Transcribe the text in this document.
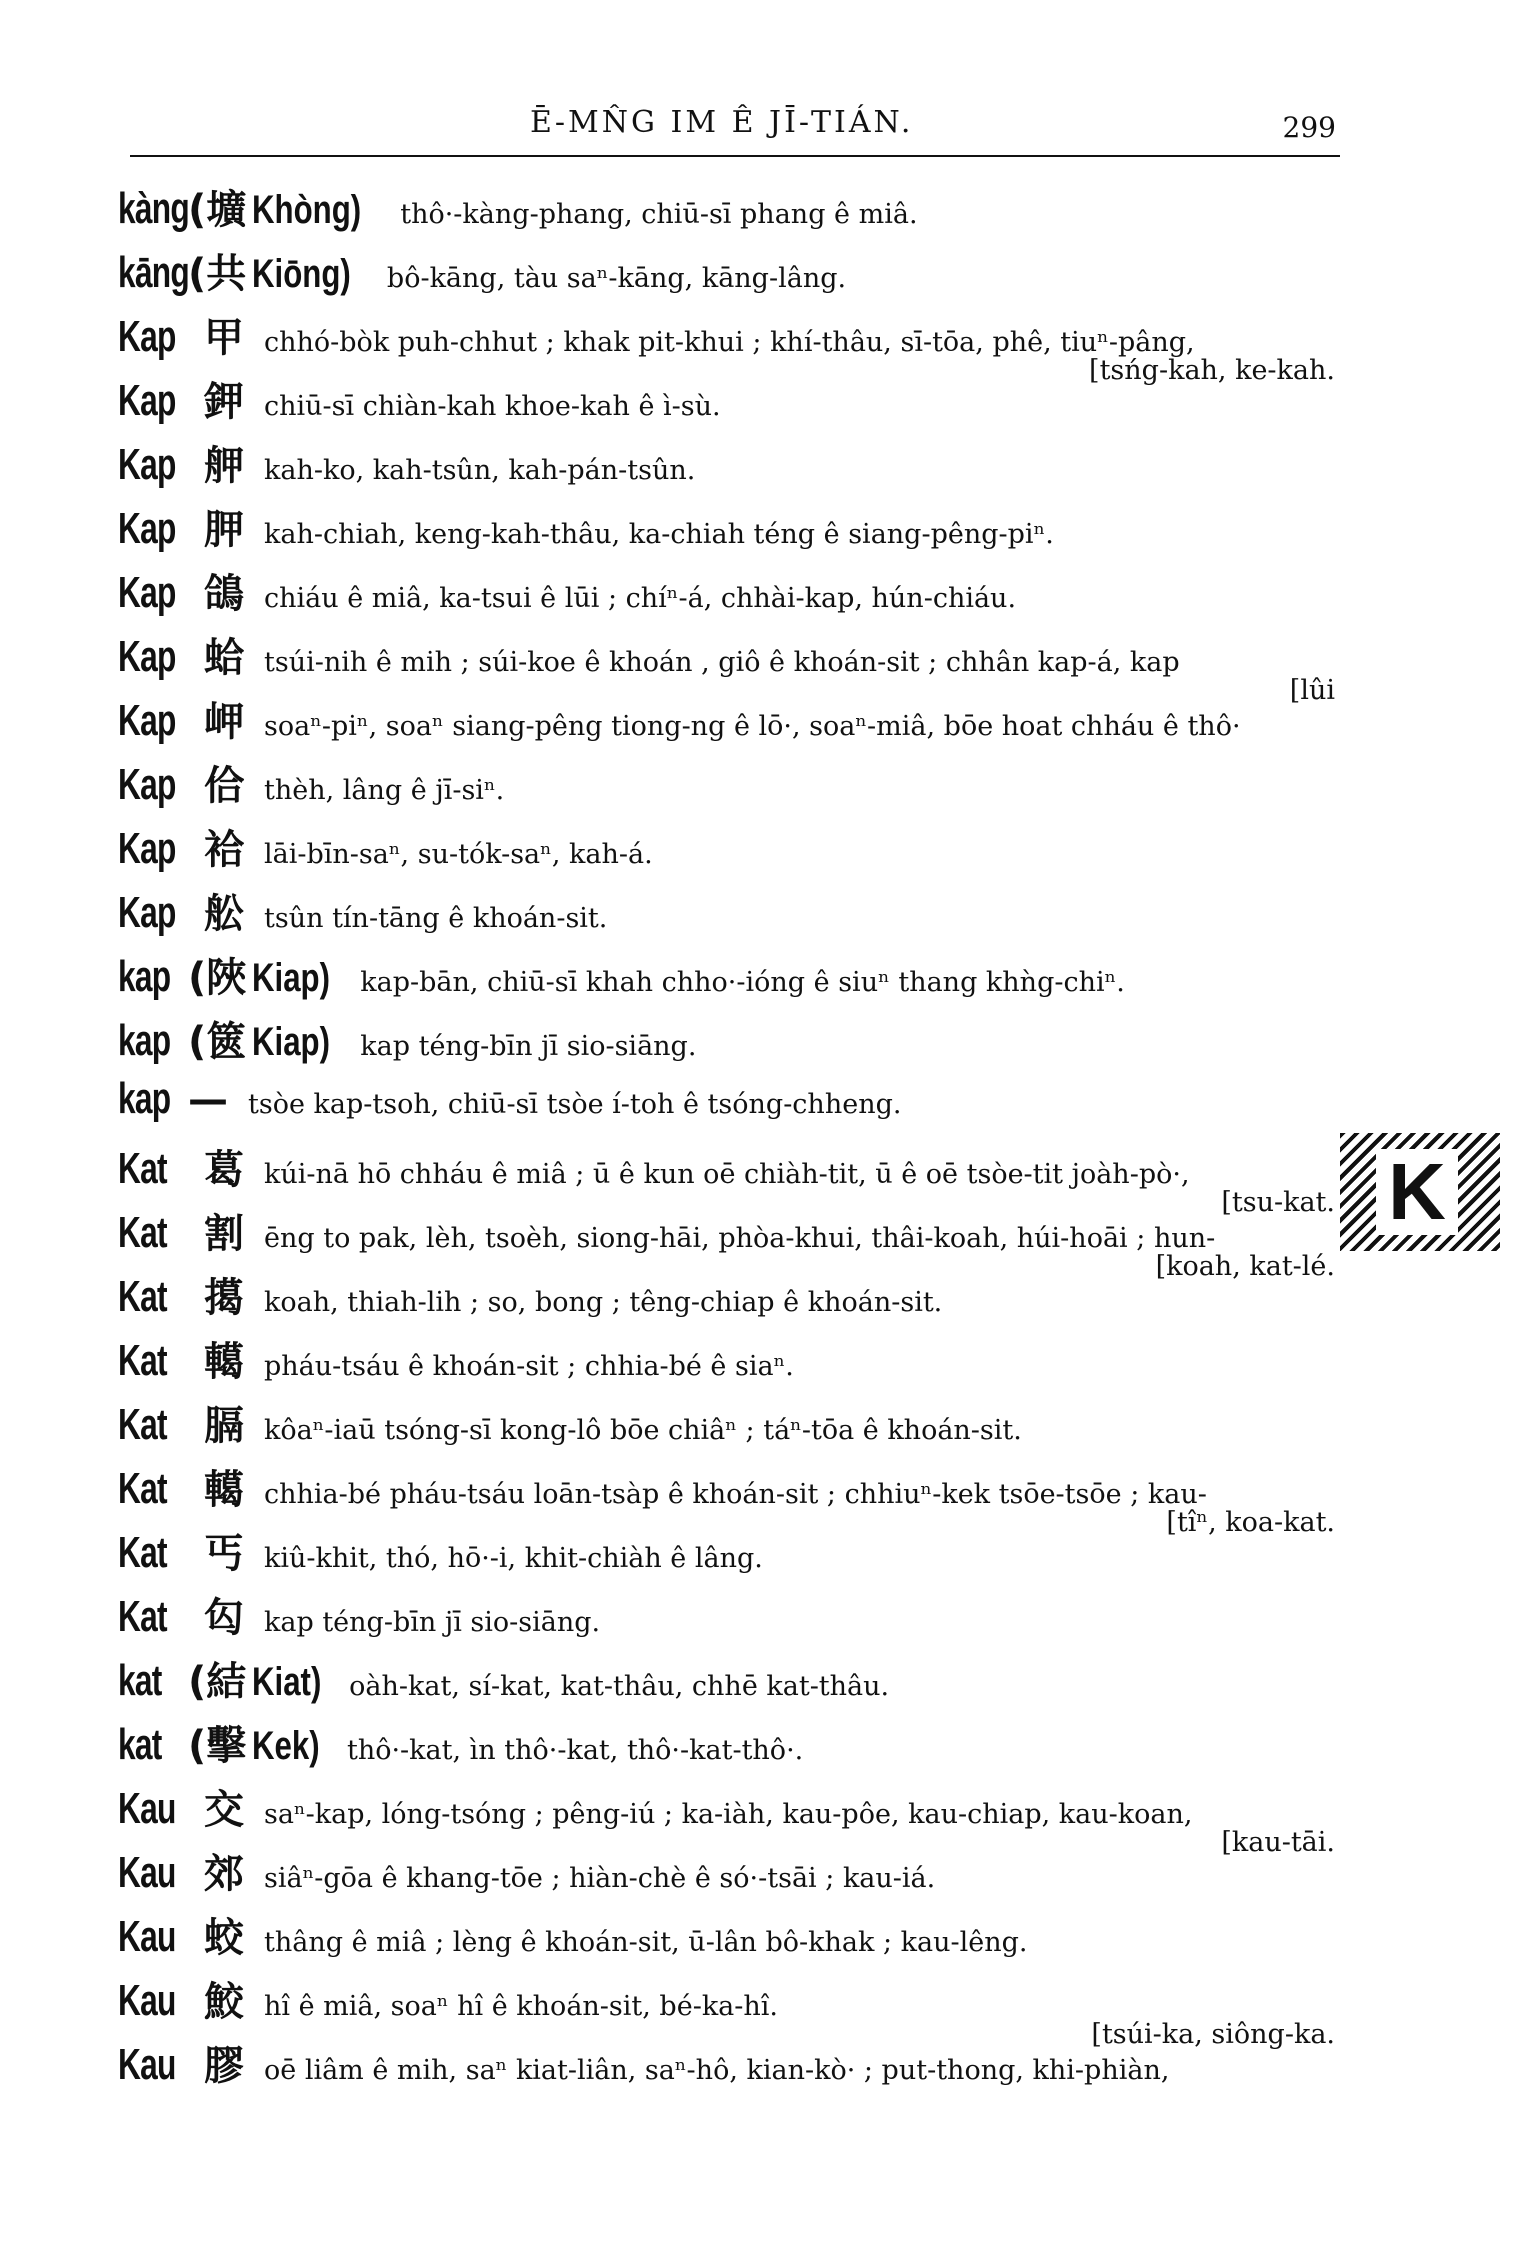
Ē-MN̂G IM Ê JĪ-TIÁN.	299
K
kàng
(壙 Khòng) thô·-kàng-phang, chiū-sī phang ê miâ.
kāng
(共 Kiōng) bô-kāng, tàu saⁿ-kāng, kāng-lâng.
Kap 甲 chhó-bòk puh-chhut ; khak pit-khui ; khí-thâu, sī-tōa, phê, tiuⁿ-pâng,
[tsńg-kah, ke-kah.
Kap 鉀 chiū-sī chiàn-kah khoe-kah ê ì-sù.
Kap 舺 kah-ko, kah-tsûn, kah-pán-tsûn.
Kap 胛 kah-chiah, keng-kah-thâu, ka-chiah téng ê siang-pêng-piⁿ.
Kap 鴿 chiáu ê miâ, ka-tsui ê lūi ; chíⁿ-á, chhài-kap, hún-chiáu.
Kap 蛤 tsúi-nih ê mih ; súi-koe ê khoán , giô ê khoán-sit ; chhân kap-á, kap
[lûi
Kap 岬 soaⁿ-piⁿ, soaⁿ siang-pêng tiong-ng ê lō·, soaⁿ-miâ, bōe hoat chháu ê thô·
Kap 佮 thèh, lâng ê jī-siⁿ.
Kap 袷 lāi-bīn-saⁿ, su-tók-saⁿ, kah-á.
Kap 舩 tsûn tín-tāng ê khoán-sit.
kap (陜 Kiap) kap-bān, chiū-sī khah chho·-ióng ê siuⁿ thang khǹg-chiⁿ.
kap (篋 Kiap) kap téng-bīn jī sio-siāng.
kap — tsòe kap-tsoh, chiū-sī tsòe í-toh ê tsóng-chheng.
Kat 葛 kúi-nā hō chháu ê miâ ; ū ê kun oē chiàh-tit, ū ê oē tsòe-tit joàh-pò·,
[tsu-kat.
Kat 割 ēng to pak, lèh, tsoèh, siong-hāi, phòa-khui, thâi-koah, húi-hoāi ; hun-
[koah, kat-lé.
Kat 擖 koah, thiah-lih ; so, bong ; têng-chiap ê khoán-sit.
Kat 轕 pháu-tsáu ê khoán-sit ; chhia-bé ê siaⁿ.
Kat 膈 kôaⁿ-iaū tsóng-sī kong-lô bōe chiâⁿ ; táⁿ-tōa ê khoán-sit.
Kat 轕 chhia-bé pháu-tsáu loān-tsàp ê khoán-sit ; chhiuⁿ-kek tsōe-tsōe ; kau-
[tîⁿ, koa-kat.
Kat 丐 kiû-khit, thó, hō·-i, khit-chiàh ê lâng.
Kat 匃 kap téng-bīn jī sio-siāng.
kat (結 Kiat) oàh-kat, sí-kat, kat-thâu, chhē kat-thâu.
kat (擊 Kek) thô·-kat, ìn thô·-kat, thô·-kat-thô·.
Kau 交 saⁿ-kap, lóng-tsóng ; pêng-iú ; ka-iàh, kau-pôe, kau-chiap, kau-koan,
[kau-tāi.
Kau 郊 siâⁿ-gōa ê khang-tōe ; hiàn-chè ê só·-tsāi ; kau-iá.
Kau 蛟 thâng ê miâ ; lèng ê khoán-sit, ū-lân bô-khak ; kau-lêng.
Kau 鮫 hî ê miâ, soaⁿ hî ê khoán-sit, bé-ka-hî.
[tsúi-ka, siông-ka.
Kau 膠 oē liâm ê mih, saⁿ kiat-liân, saⁿ-hô, kian-kò· ; put-thong, khi-phiàn,
